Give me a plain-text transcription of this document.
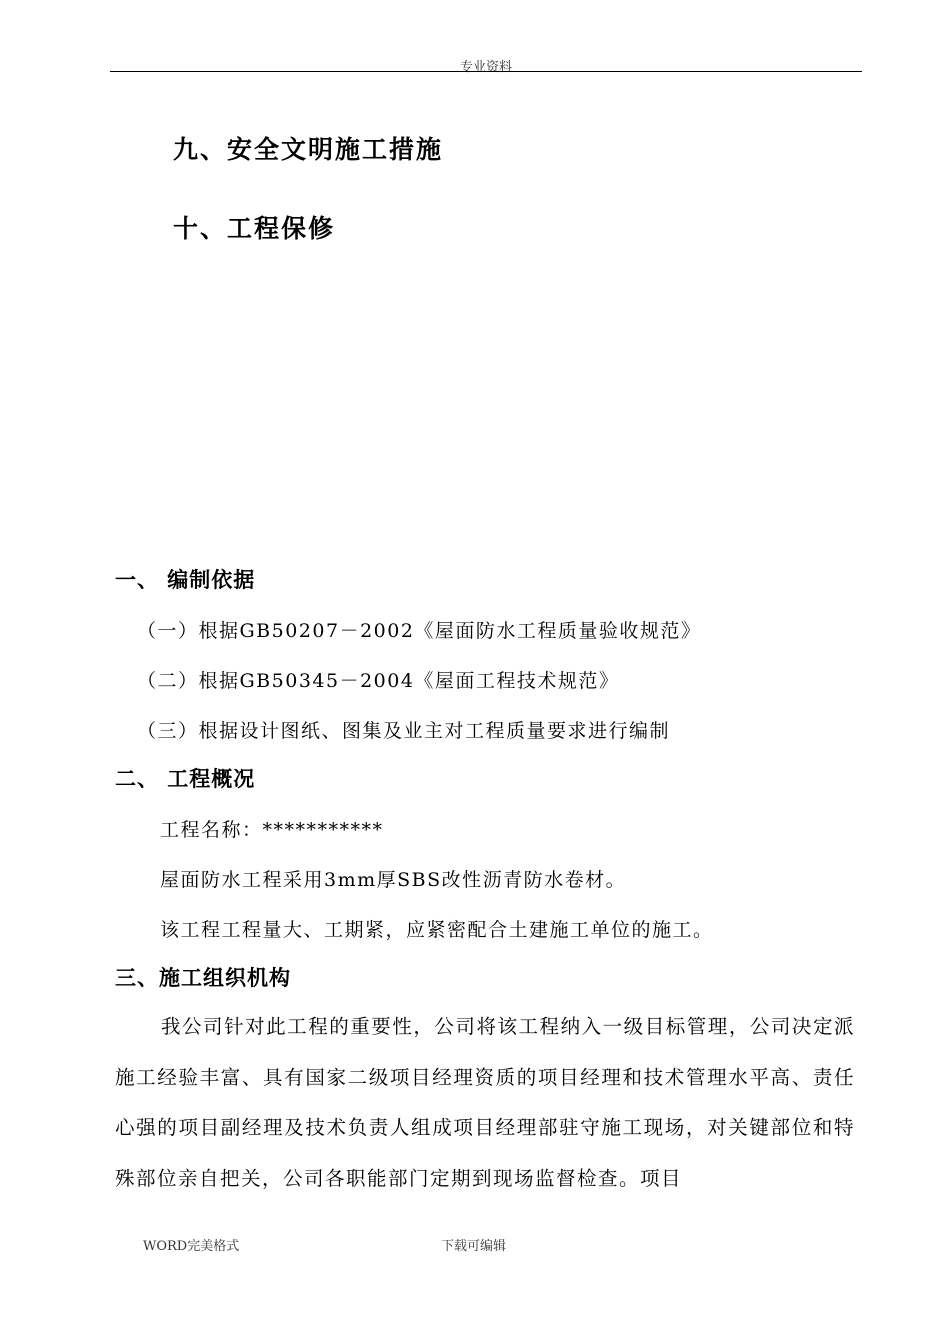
专业资料
九、安全文明施工措施
十、工程保修
一、 编制依据
（一）根据GB50207－2002《屋面防水工程质量验收规范》
（二）根据GB50345－2004《屋面工程技术规范》
（三）根据设计图纸、图集及业主对工程质量要求进行编制
二、 工程概况
工程名称：***********
屋面防水工程采用3mm厚SBS改性沥青防水卷材。
该工程工程量大、工期紧，应紧密配合土建施工单位的施工。
三、施工组织机构
我公司针对此工程的重要性，公司将该工程纳入一级目标管理，公司决定派施工经验丰富、具有国家二级项目经理资质的项目经理和技术管理水平高、责任心强的项目副经理及技术负责人组成项目经理部驻守施工现场，对关键部位和特殊部位亲自把关，公司各职能部门定期到现场监督检查。项目
WORD完美格式	下载可编辑
